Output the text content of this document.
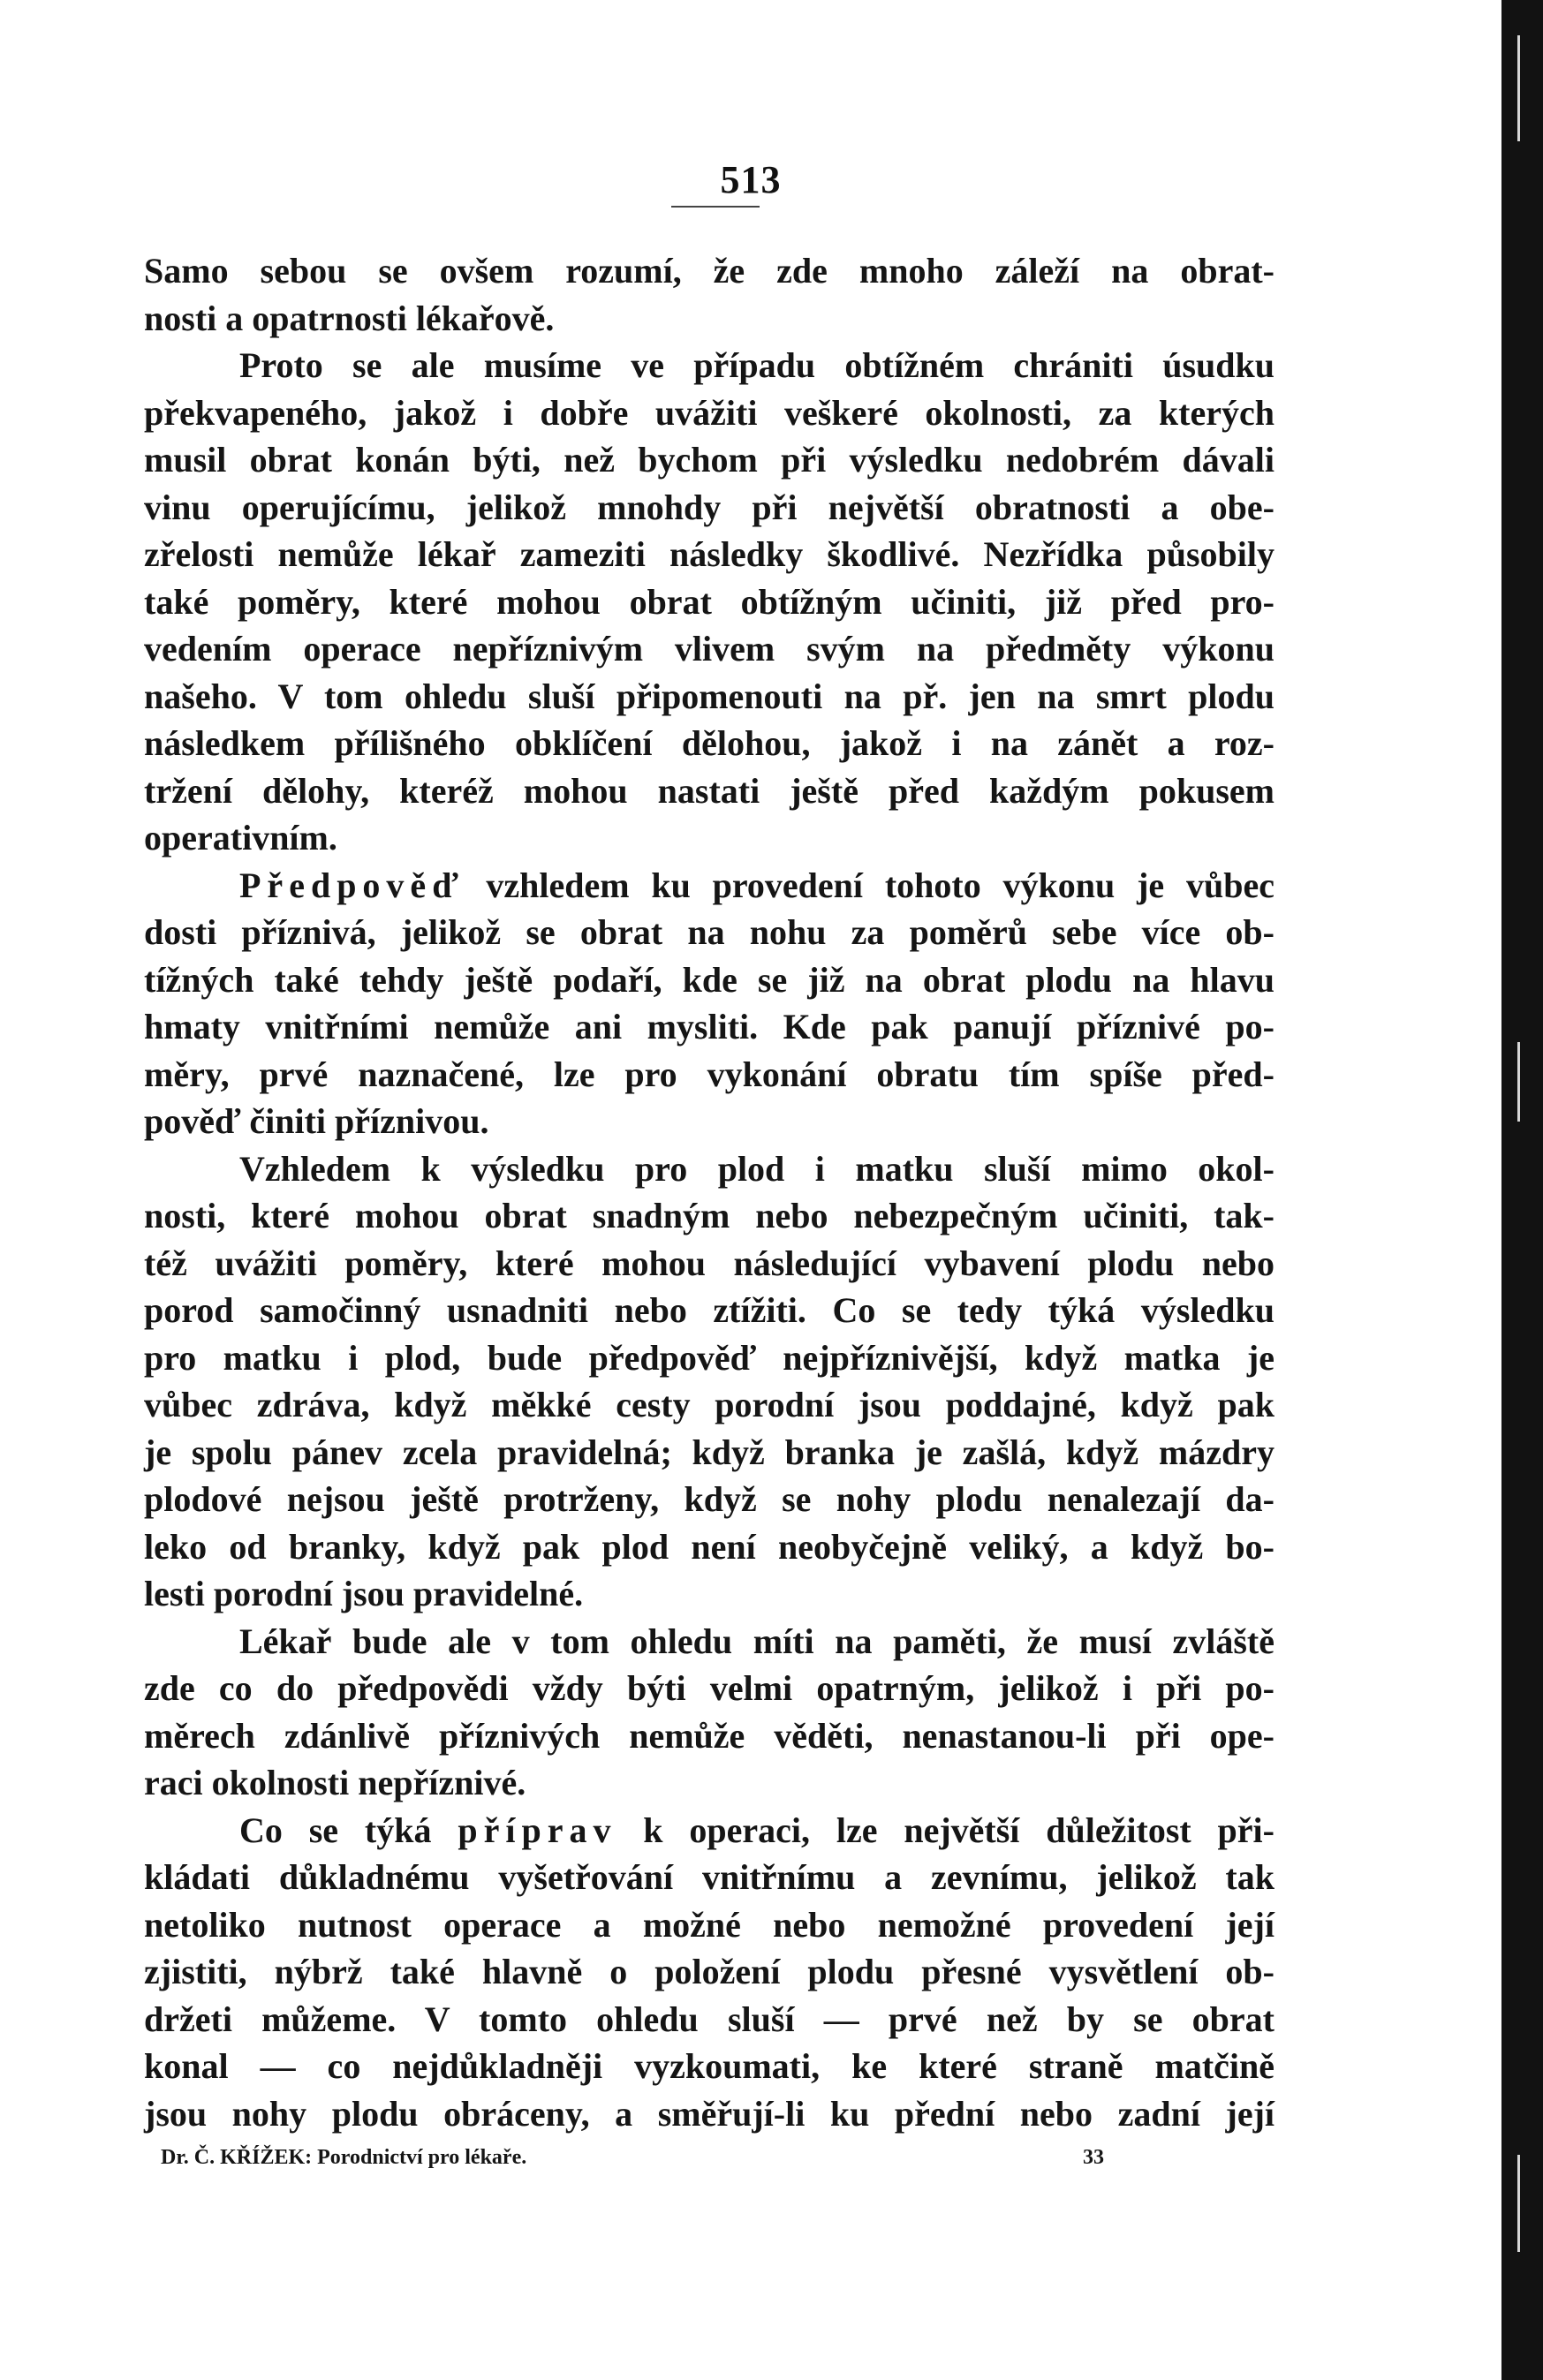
513
Samo sebou se ovšem rozumí, že zde mnoho záleží na obrat-
nosti a opatrnosti lékařově.
Proto se ale musíme ve případu obtížném chrániti úsudku
překvapeného, jakož i dobře uvážiti veškeré okolnosti, za kterých
musil obrat konán býti, než bychom při výsledku nedobrém dávali
vinu operujícímu, jelikož mnohdy při největší obratnosti a obe-
zřelosti nemůže lékař zameziti následky škodlivé. Nezřídka působily
také poměry, které mohou obrat obtížným učiniti, již před pro-
vedením operace nepříznivým vlivem svým na předměty výkonu
našeho. V tom ohledu sluší připomenouti na př. jen na smrt plodu
následkem přílišného obklíčení dělohou, jakož i na zánět a roz-
tržení dělohy, kteréž mohou nastati ještě před každým pokusem
operativním.
Předpověď vzhledem ku provedení tohoto výkonu je vůbec
dosti příznivá, jelikož se obrat na nohu za poměrů sebe více ob-
tížných také tehdy ještě podaří, kde se již na obrat plodu na hlavu
hmaty vnitřními nemůže ani mysliti. Kde pak panují příznivé po-
měry, prvé naznačené, lze pro vykonání obratu tím spíše před-
pověď činiti příznivou.
Vzhledem k výsledku pro plod i matku sluší mimo okol-
nosti, které mohou obrat snadným nebo nebezpečným učiniti, tak-
též uvážiti poměry, které mohou následující vybavení plodu nebo
porod samočinný usnadniti nebo ztížiti. Co se tedy týká výsledku
pro matku i plod, bude předpověď nejpříznivější, když matka je
vůbec zdráva, když měkké cesty porodní jsou poddajné, když pak
je spolu pánev zcela pravidelná; když branka je zašlá, když mázdry
plodové nejsou ještě protrženy, když se nohy plodu nenalezají da-
leko od branky, když pak plod není neobyčejně veliký, a když bo-
lesti porodní jsou pravidelné.
Lékař bude ale v tom ohledu míti na paměti, že musí zvláště
zde co do předpovědi vždy býti velmi opatrným, jelikož i při po-
měrech zdánlivě příznivých nemůže věděti, nenastanou-li při ope-
raci okolnosti nepříznivé.
Co se týká příprav k operaci, lze největší důležitost při-
kládati důkladnému vyšetřování vnitřnímu a zevnímu, jelikož tak
netoliko nutnost operace a možné nebo nemožné provedení její
zjistiti, nýbrž také hlavně o položení plodu přesné vysvětlení ob-
držeti můžeme. V tomto ohledu sluší — prvé než by se obrat
konal — co nejdůkladněji vyzkoumati, ke které straně matčině
jsou nohy plodu obráceny, a směřují-li ku přední nebo zadní její
Dr. Č. KŘÍŽEK: Porodnictví pro lékaře.	33
